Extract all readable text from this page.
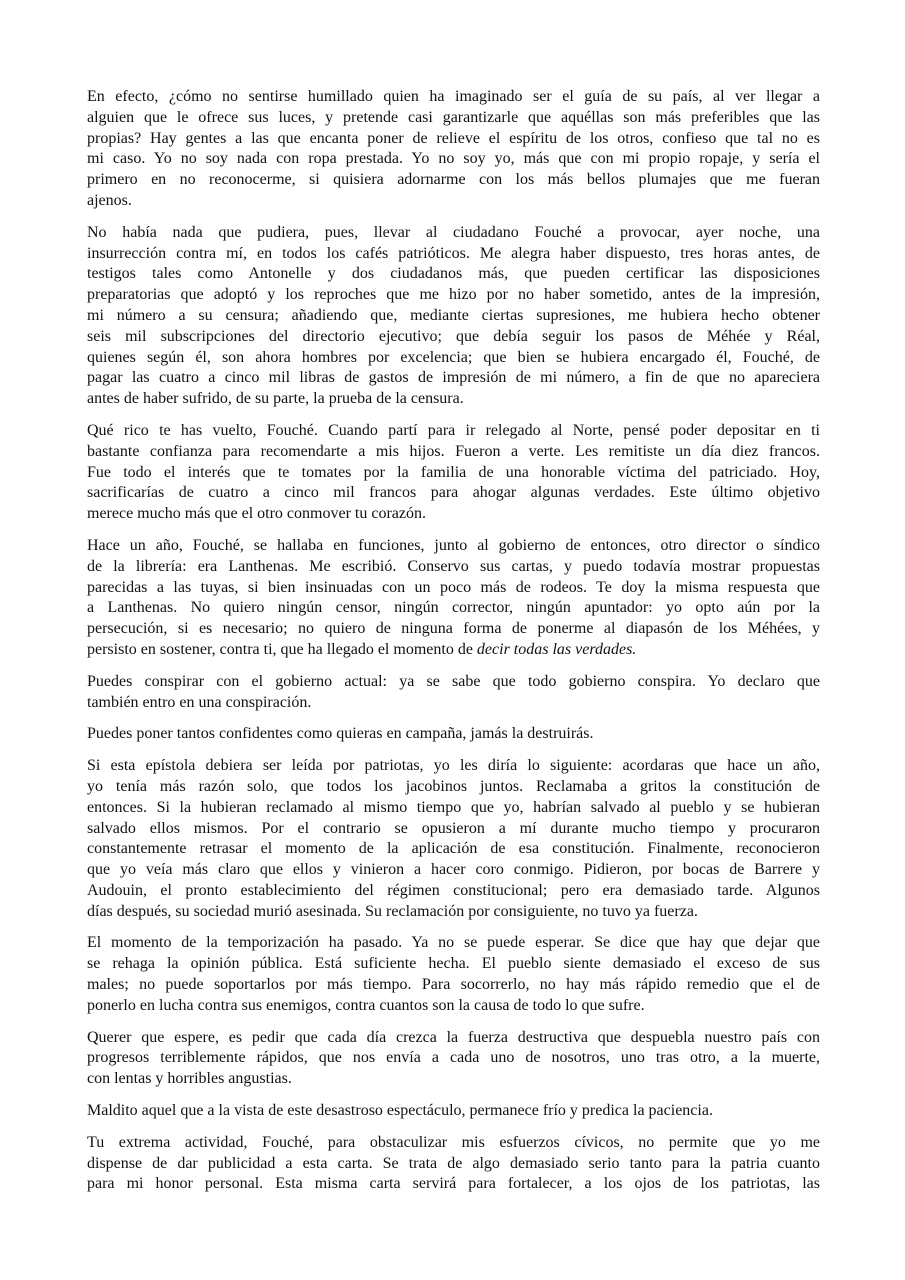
En efecto, ¿cómo no sentirse humillado quien ha imaginado ser el guía de su país, al ver llegar a
alguien que le ofrece sus luces, y pretende casi garantizarle que aquéllas son más preferibles que las
propias? Hay gentes a las que encanta poner de relieve el espíritu de los otros, confieso que tal no es
mi caso. Yo no soy nada con ropa prestada. Yo no soy yo, más que con mi propio ropaje, y sería el
primero en no reconocerme, si quisiera adornarme con los más bellos plumajes que me fueran
ajenos.

No había nada que pudiera, pues, llevar al ciudadano Fouché a provocar, ayer noche, una
insurrección contra mí, en todos los cafés patrióticos. Me alegra haber dispuesto, tres horas antes, de
testigos tales como Antonelle y dos ciudadanos más, que pueden certificar las disposiciones
preparatorias que adoptó y los reproches que me hizo por no haber sometido, antes de la impresión,
mi número a su censura; añadiendo que, mediante ciertas supresiones, me hubiera hecho obtener
seis mil subscripciones del directorio ejecutivo; que debía seguir los pasos de Méhée y Réal,
quienes según él, son ahora hombres por excelencia; que bien se hubiera encargado él, Fouché, de
pagar las cuatro a cinco mil libras de gastos de impresión de mi número, a fin de que no apareciera
antes de haber sufrido, de su parte, la prueba de la censura.

Qué rico te has vuelto, Fouché. Cuando partí para ir relegado al Norte, pensé poder depositar en ti
bastante confianza para recomendarte a mis hijos. Fueron a verte. Les remitiste un día diez francos.
Fue todo el interés que te tomates por la familia de una honorable víctima del patriciado. Hoy,
sacrificarías de cuatro a cinco mil francos para ahogar algunas verdades. Este último objetivo
merece mucho más que el otro conmover tu corazón.

Hace un año, Fouché, se hallaba en funciones, junto al gobierno de entonces, otro director o síndico
de la librería: era Lanthenas. Me escribió. Conservo sus cartas, y puedo todavía mostrar propuestas
parecidas a las tuyas, si bien insinuadas con un poco más de rodeos. Te doy la misma respuesta que
a Lanthenas. No quiero ningún censor, ningún corrector, ningún apuntador: yo opto aún por la
persecución, si es necesario; no quiero de ninguna forma de ponerme al diapasón de los Méhées, y
persisto en sostener, contra ti, que ha llegado el momento de decir todas las verdades.

Puedes conspirar con el gobierno actual: ya se sabe que todo gobierno conspira. Yo declaro que
también entro en una conspiración.

Puedes poner tantos confidentes como quieras en campaña, jamás la destruirás.

Si esta epístola debiera ser leída por patriotas, yo les diría lo siguiente: acordaras que hace un año,
yo tenía más razón solo, que todos los jacobinos juntos. Reclamaba a gritos la constitución de
entonces. Si la hubieran reclamado al mismo tiempo que yo, habrían salvado al pueblo y se hubieran
salvado ellos mismos. Por el contrario se opusieron a mí durante mucho tiempo y procuraron
constantemente retrasar el momento de la aplicación de esa constitución. Finalmente, reconocieron
que yo veía más claro que ellos y vinieron a hacer coro conmigo. Pidieron, por bocas de Barrere y
Audouin, el pronto establecimiento del régimen constitucional; pero era demasiado tarde. Algunos
días después, su sociedad murió asesinada. Su reclamación por consiguiente, no tuvo ya fuerza.

El momento de la temporización ha pasado. Ya no se puede esperar. Se dice que hay que dejar que
se rehaga la opinión pública. Está suficiente hecha. El pueblo siente demasiado el exceso de sus
males; no puede soportarlos por más tiempo. Para socorrerlo, no hay más rápido remedio que el de
ponerlo en lucha contra sus enemigos, contra cuantos son la causa de todo lo que sufre.

Querer que espere, es pedir que cada día crezca la fuerza destructiva que despuebla nuestro país con
progresos terriblemente rápidos, que nos envía a cada uno de nosotros, uno tras otro, a la muerte,
con lentas y horribles angustias.

Maldito aquel que a la vista de este desastroso espectáculo, permanece frío y predica la paciencia.

Tu extrema actividad, Fouché, para obstaculizar mis esfuerzos cívicos, no permite que yo me
dispense de dar publicidad a esta carta. Se trata de algo demasiado serio tanto para la patria cuanto
para mi honor personal. Esta misma carta servirá para fortalecer, a los ojos de los patriotas, las
